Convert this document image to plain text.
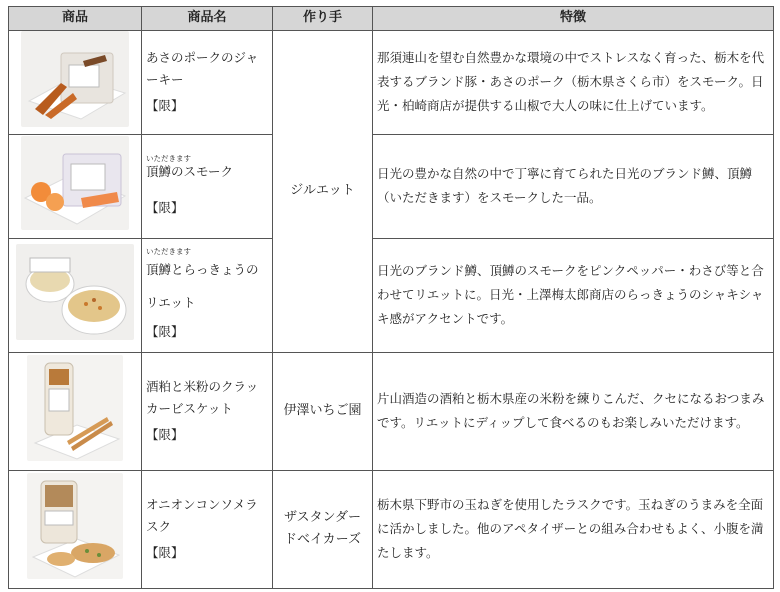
商品	商品名	作り手	特徴

あさのポークのジャーキー
【限】	ジルエット	那須連山を望む自然豊かな環境の中でストレスなく育った、栃木を代表するブランド豚・あさのポーク（栃木県さくら市）をスモーク。日光・柏崎商店が提供する山椒で大人の味に仕上げています。

いただきます
頂鱒のスモーク
【限】		日光の豊かな自然の中で丁寧に育てられた日光のブランド鱒、頂鱒（いただきます）をスモークした一品。

いただきます
頂鱒とらっきょうのリエット
【限】		日光のブランド鱒、頂鱒のスモークをピンクペッパー・わさび等と合わせてリエットに。日光・上澤梅太郎商店のらっきょうのシャキシャキ感がアクセントです。

酒粕と米粉のクラッカービスケット
【限】	伊澤いちご園	片山酒造の酒粕と栃木県産の米粉を練りこんだ、クセになるおつまみです。リエットにディップして食べるのもお楽しみいただけます。

オニオンコンソメラスク
【限】	ザスタンダードベイカーズ	栃木県下野市の玉ねぎを使用したラスクです。玉ねぎのうまみを全面に活かしました。他のアペタイザーとの組み合わせもよく、小腹を満たします。
